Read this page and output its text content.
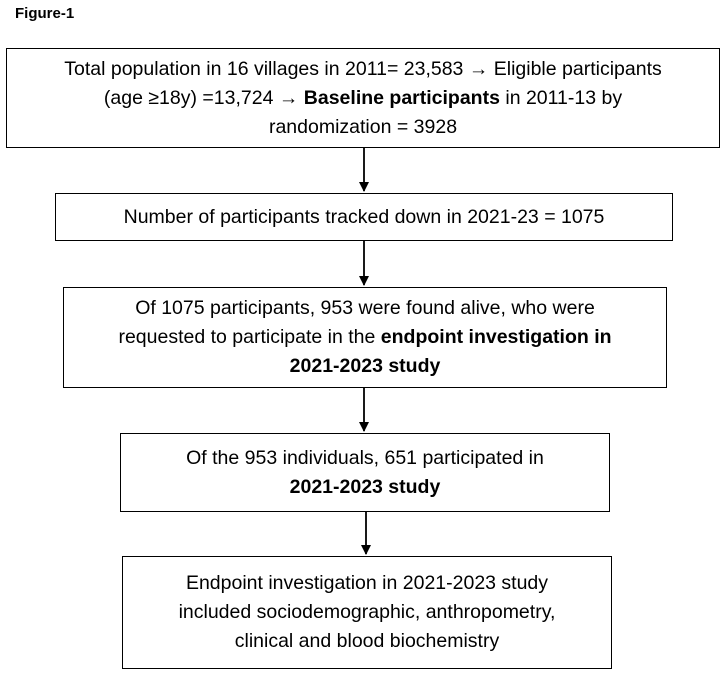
Figure-1

Total population in 16 villages in 2011= 23,583 → Eligible participants
(age ≥18y) =13,724 → Baseline participants in 2011-13 by
randomization = 3928

Number of participants tracked down in 2021-23 = 1075

Of 1075 participants, 953 were found alive, who were
requested to participate in the endpoint investigation in
2021-2023 study

Of the 953 individuals, 651 participated in
2021-2023 study

Endpoint investigation in 2021-2023 study
included sociodemographic, anthropometry,
clinical and blood biochemistry
